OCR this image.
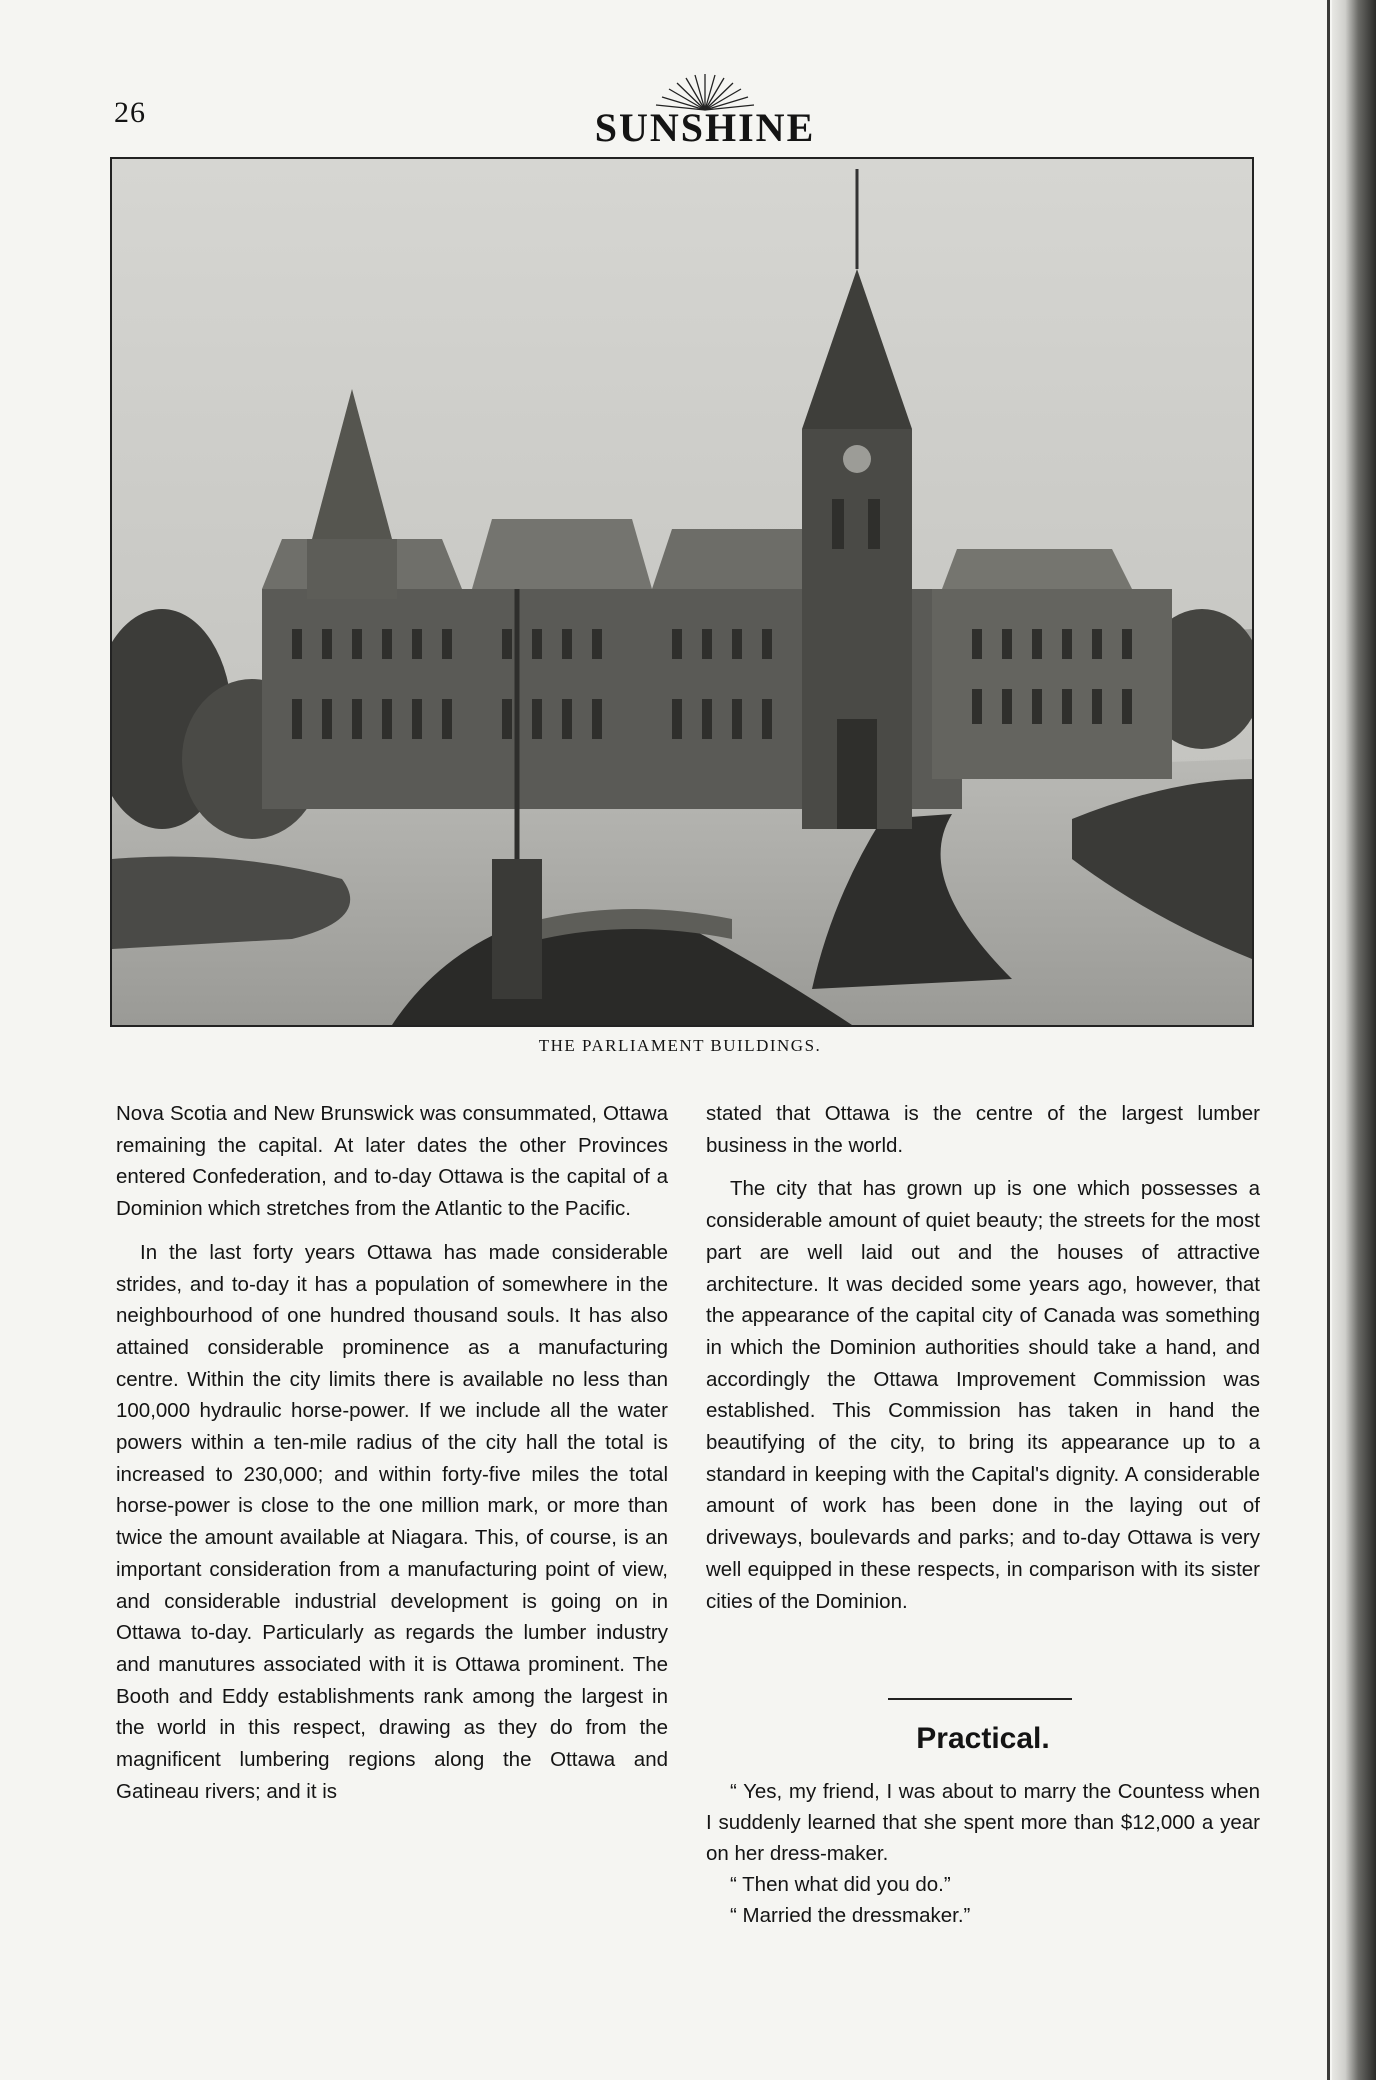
26	SUNSHINE
THE PARLIAMENT BUILDINGS.

Nova Scotia and New Brunswick was consummated, Ottawa remaining the capital. At later dates the other Provinces entered Confederation, and to-day Ottawa is the capital of a Dominion which stretches from the Atlantic to the Pacific.

In the last forty years Ottawa has made considerable strides, and to-day it has a population of somewhere in the neighbourhood of one hundred thousand souls. It has also attained considerable prominence as a manufacturing centre. Within the city limits there is available no less than 100,000 hydraulic horse-power. If we include all the water powers within a ten-mile radius of the city hall the total is increased to 230,000; and within forty-five miles the total horse-power is close to the one million mark, or more than twice the amount available at Niagara. This, of course, is an important consideration from a manufacturing point of view, and considerable industrial development is going on in Ottawa to-day. Particularly as regards the lumber industry and manutures associated with it is Ottawa prominent. The Booth and Eddy establishments rank among the largest in the world in this respect, drawing as they do from the magnificent lumbering regions along the Ottawa and Gatineau rivers; and it is

stated that Ottawa is the centre of the largest lumber business in the world.

The city that has grown up is one which possesses a considerable amount of quiet beauty; the streets for the most part are well laid out and the houses of attractive architecture. It was decided some years ago, however, that the appearance of the capital city of Canada was something in which the Dominion authorities should take a hand, and accordingly the Ottawa Improvement Commission was established. This Commission has taken in hand the beautifying of the city, to bring its appearance up to a standard in keeping with the Capital's dignity. A considerable amount of work has been done in the laying out of driveways, boulevards and parks; and to-day Ottawa is very well equipped in these respects, in comparison with its sister cities of the Dominion.

Practical.

“ Yes, my friend, I was about to marry the Countess when I suddenly learned that she spent more than $12,000 a year on her dress-maker.

“ Then what did you do.”

“ Married the dressmaker.”
